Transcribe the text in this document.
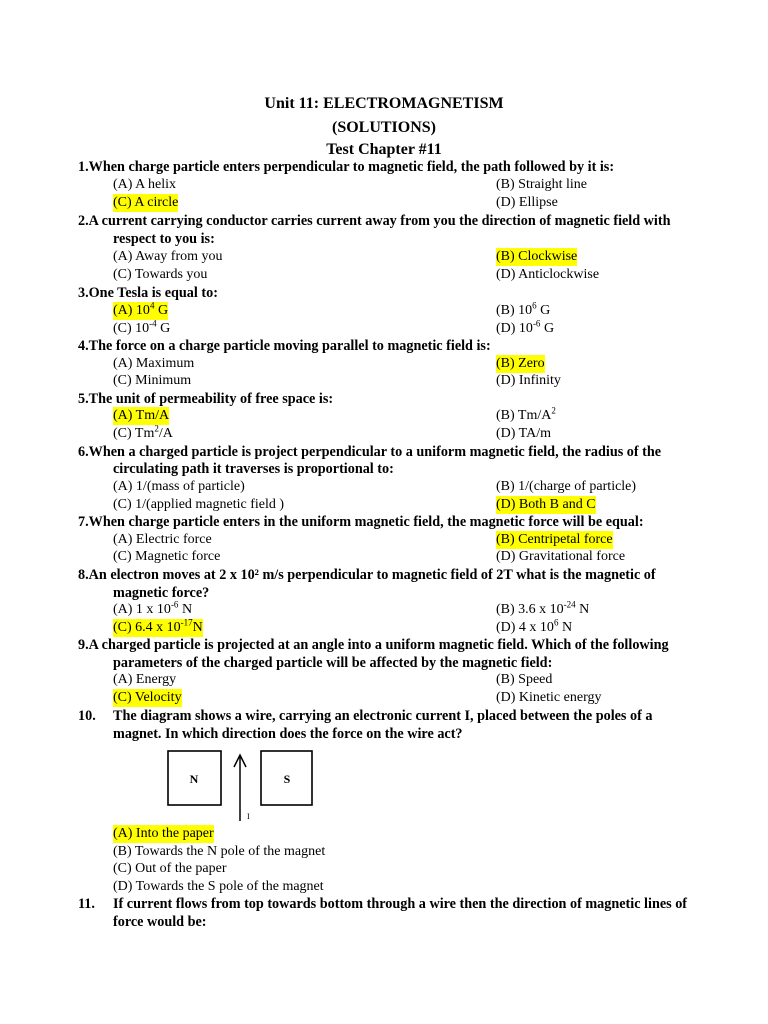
Unit 11: ELECTROMAGNETISM
(SOLUTIONS)
Test Chapter #11
1.When charge particle enters perpendicular to magnetic field, the path followed by it is:
(A) A helix	(B) Straight line
(C) A circle	(D) Ellipse
2.A current carrying conductor carries current away from you the direction of magnetic field with
respect to you is:
(A) Away from you	(B) Clockwise
(C) Towards you	(D) Anticlockwise
3.One Tesla is equal to:
(A) $10^4$ G	(B) $10^6$ G
(C) $10^{-4}$ G	(D) $10^{-6}$ G
4.The force on a charge particle moving parallel to magnetic field is:
(A) Maximum	(B) Zero
(C) Minimum	(D) Infinity
5.The unit of permeability of free space is:
(A) Tm/A	(B) $Tm/A^2$
(C) Tm$^2$/A	(D) TA/m
6.When a charged particle is project perpendicular to a uniform magnetic field, the radius of the
circulating path it traverses is proportional to:
(A) 1/(mass of particle)	(B) 1/(charge of particle)
(C) 1/(applied magnetic field )	(D) Both B and C
7.When charge particle enters in the uniform magnetic field, the magnetic force will be equal:
(A) Electric force	(B) Centripetal force
(C) Magnetic force	(D) Gravitational force
8.An electron moves at 2 x 10² m/s perpendicular to magnetic field of 2T what is the magnetic of
magnetic force?
(A) 1 x $10^{-6}$ N	(B) 3.6 x $10^{-24}$ N
(C) 6.4 x $10^{-17}N$	(D) 4 x $10^6$ N
9.A charged particle is projected at an angle into a uniform magnetic field. Which of the following
parameters of the charged particle will be affected by the magnetic field:
(A) Energy	(B) Speed
(C) Velocity	(D) Kinetic energy
10. The diagram shows a wire, carrying an electronic current I, placed between the poles of a
magnet. In which direction does the force on the wire act?
N	S
I
(A) Into the paper
(B) Towards the N pole of the magnet
(C) Out of the paper
(D) Towards the S pole of the magnet
11. If current flows from top towards bottom through a wire then the direction of magnetic lines of
force would be:
